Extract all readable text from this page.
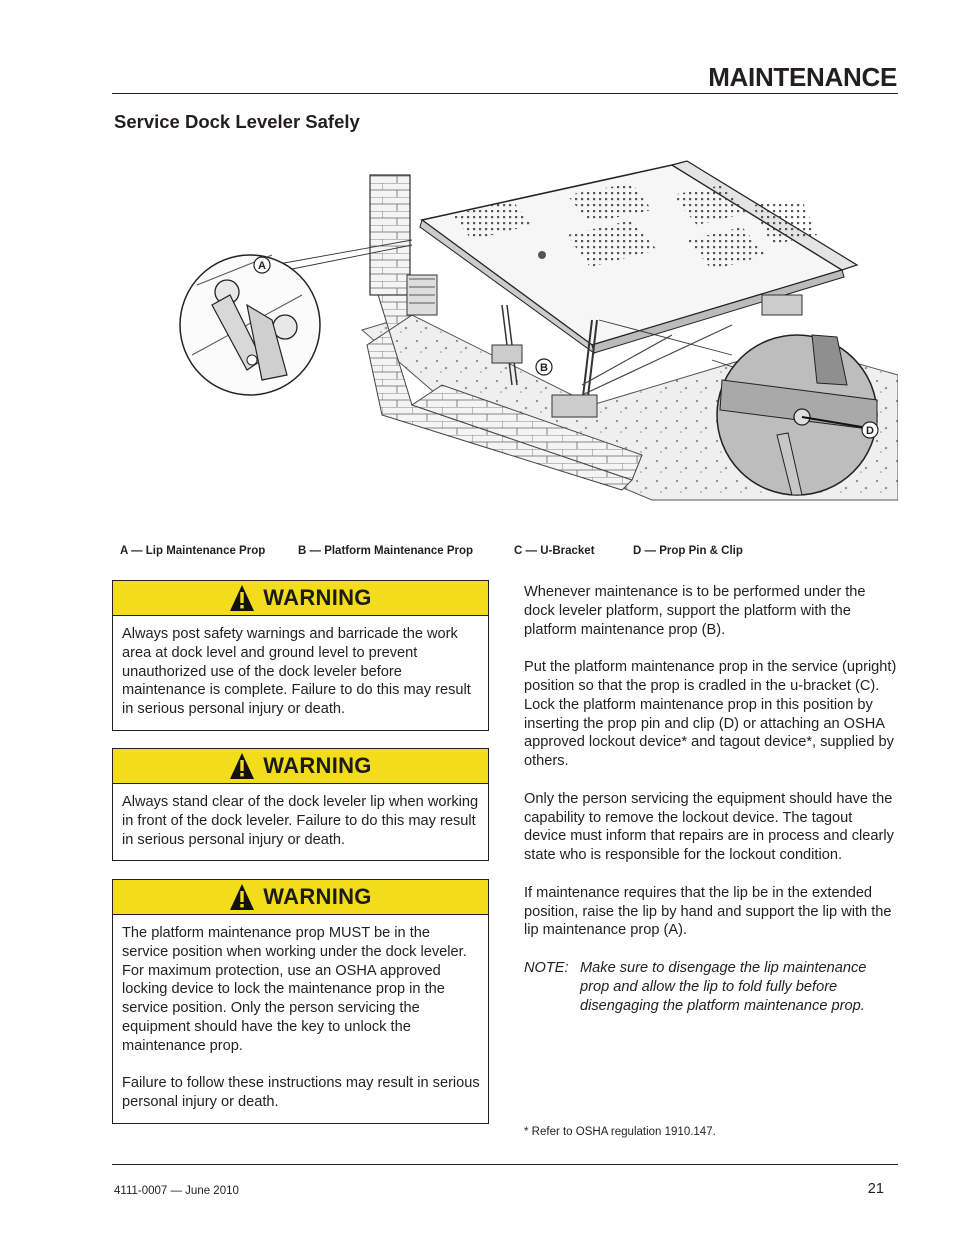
MAINTENANCE
Service Dock Leveler Safely
A
B
D
A — Lip Maintenance Prop	B — Platform Maintenance Prop	C — U-Bracket	D — Prop Pin & Clip
WARNING

Always post safety warnings and barricade the work area at dock level and ground level to prevent unauthorized use of the dock leveler before maintenance is complete. Failure to do this may result in serious personal injury or death.

WARNING

Always stand clear of the dock leveler lip when working in front of the dock leveler. Failure to do this may result in serious personal injury or death.

WARNING

The platform maintenance prop MUST be in the service position when working under the dock leveler. For maximum protection, use an OSHA approved locking device to lock the maintenance prop in the service position. Only the person servicing the equipment should have the key to unlock the maintenance prop.

Failure to follow these instructions may result in serious personal injury or death.

Whenever maintenance is to be performed under the dock leveler platform, support the platform with the platform maintenance prop (B).

Put the platform maintenance prop in the service (upright) position so that the prop is cradled in the u-bracket (C). Lock the platform maintenance prop in this position by inserting the prop pin and clip (D) or attaching an OSHA approved lockout device* and tagout device*, supplied by others.

Only the person servicing the equipment should have the capability to remove the lockout device. The tagout device must inform that repairs are in process and clearly state who is responsible for the lockout condition.

If maintenance requires that the lip be in the extended position, raise the lip by hand and support the lip with the lip maintenance prop (A).

NOTE: Make sure to disengage the lip maintenance prop and allow the lip to fold fully before disengaging the platform maintenance prop.
* Refer to OSHA regulation 1910.147.
4111-0007 — June 2010	21
